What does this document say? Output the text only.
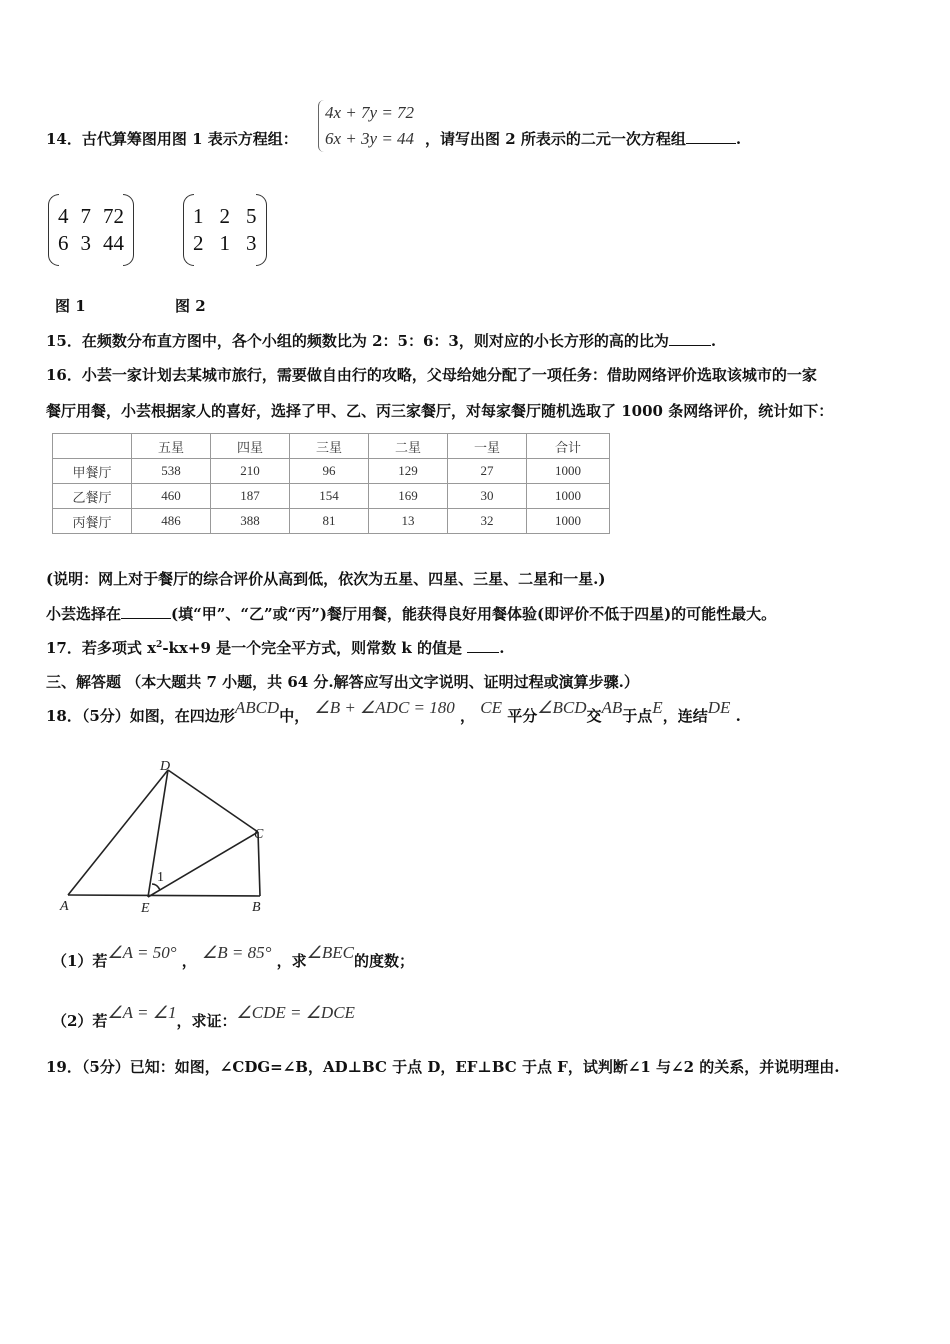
14．古代算筹图用图 1 表示方程组：
4x + 7y = 72
6x + 3y = 44 ，请写出图 2 所表示的二元一次方程组	.
4 7 72
6 3 44
1 2 5
2 1 3
图 1	图 2
15．在频数分布直方图中，各个小组的频数比为 2：5：6：3，则对应的小长方形的高的比为	.
16．小芸一家计划去某城市旅行，需要做自由行的攻略，父母给她分配了一项任务：借助网络评价选取该城市的一家
餐厅用餐，小芸根据家人的喜好，选择了甲、乙、丙三家餐厅，对每家餐厅随机选取了 1000 条网络评价，统计如下：
	五星	四星	三星	二星	一星	合计
甲餐厅	538	210	96	129	27	1000
乙餐厅	460	187	154	169	30	1000
丙餐厅	486	388	81	13	32	1000
(说明：网上对于餐厅的综合评价从高到低，依次为五星、四星、三星、二星和一星.)
小芸选择在	(填“甲”、“乙”或“丙”)餐厅用餐，能获得良好用餐体验(即评价不低于四星)的可能性最大。
17．若多项式 $x^2-kx+9$ 是一个完全平方式，则常数 k 的值是 .
三、解答题 （本大题共 7 小题，共 64 分.解答应写出文字说明、证明过程或演算步骤.）
18．（5分）如图，在四边形ABCD中， ∠B + ∠ADC = 180 ， CE 平分∠BCD交AB于点E，连结DE .
D
C
A	E	B
1
（1）若∠A = 50° ， ∠B = 85° ，求∠BEC的度数；
（2）若∠A = ∠1，求证：∠CDE = ∠DCE
19．（5分）已知：如图，∠CDG=∠B，AD⊥BC 于点 D，EF⊥BC 于点 F，试判断∠1 与∠2 的关系，并说明理由.
